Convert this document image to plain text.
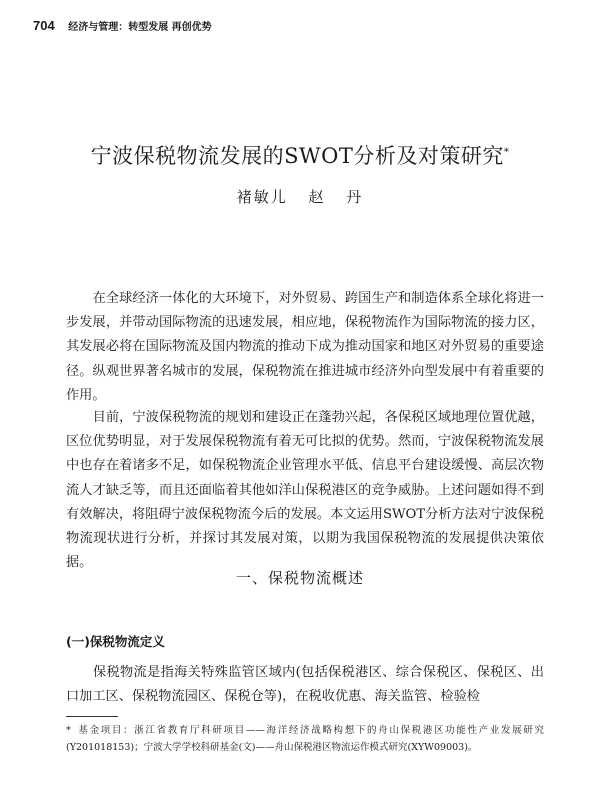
704 经济与管理：转型发展 再创优势
宁波保税物流发展的SWOT分析及对策研究*
褚敏儿 赵 丹

　　在全球经济一体化的大环境下，对外贸易、跨国生产和制造体系全球化将进一步发展，并带动国际物流的迅速发展，相应地，保税物流作为国际物流的接力区，其发展必将在国际物流及国内物流的推动下成为推动国家和地区对外贸易的重要途径。纵观世界著名城市的发展，保税物流在推进城市经济外向型发展中有着重要的作用。

　　目前，宁波保税物流的规划和建设正在蓬勃兴起，各保税区域地理位置优越，区位优势明显，对于发展保税物流有着无可比拟的优势。然而，宁波保税物流发展中也存在着诸多不足，如保税物流企业管理水平低、信息平台建设缓慢、高层次物流人才缺乏等，而且还面临着其他如洋山保税港区的竞争威胁。上述问题如得不到有效解决，将阻碍宁波保税物流今后的发展。本文运用SWOT分析方法对宁波保税物流现状进行分析，并探讨其发展对策，以期为我国保税物流的发展提供决策依据。

一、保税物流概述
(一)保税物流定义

　　保税物流是指海关特殊监管区域内(包括保税港区、综合保税区、保税区、出口加工区、保税物流园区、保税仓等)，在税收优惠、海关监管、检验检

* 基金项目：浙江省教育厅科研项目——海洋经济战略构想下的舟山保税港区功能性产业发展研究(Y201018153)；宁波大学学校科研基金(文)——舟山保税港区物流运作模式研究(XYW09003)。
